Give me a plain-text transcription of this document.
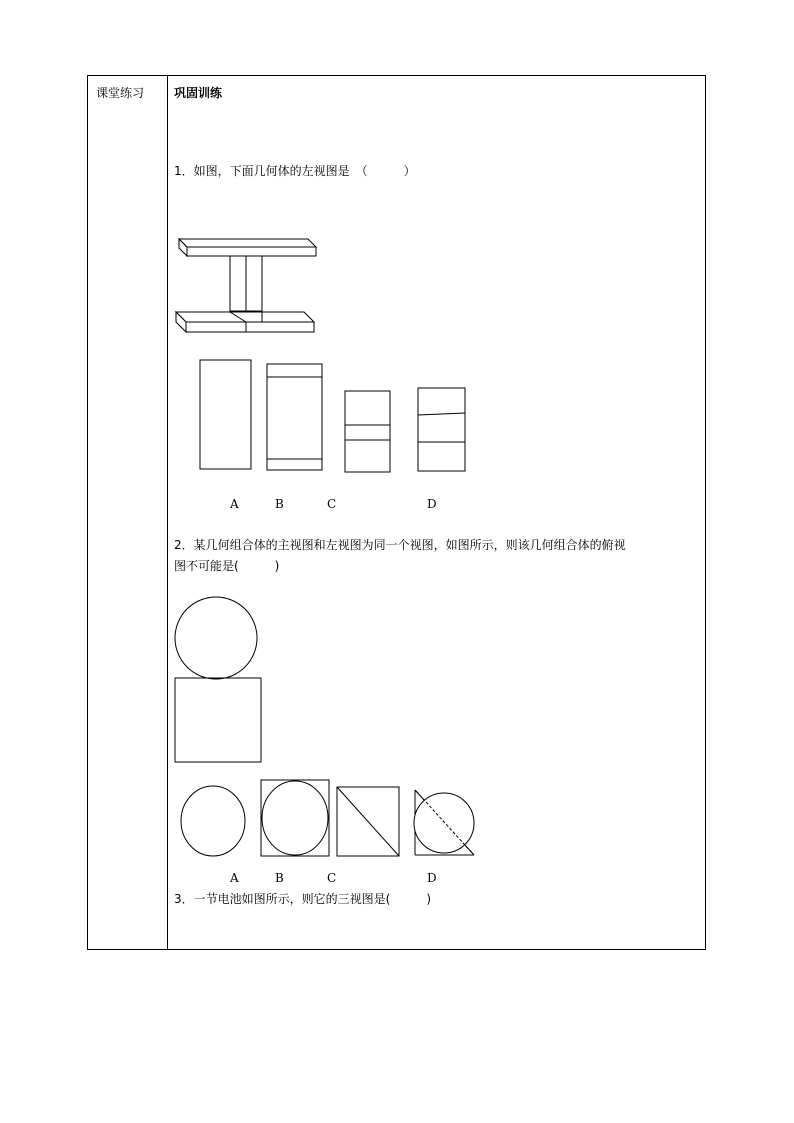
课堂练习 巩固训练
1．如图，下面几何体的左视图是　（　　　）
A	B	C	D
2．某几何组合体的主视图和左视图为同一个视图，如图所示，则该几何组合体的俯视
图不可能是(　　　)
A	B	C	D
3．一节电池如图所示，则它的三视图是(　　　)
